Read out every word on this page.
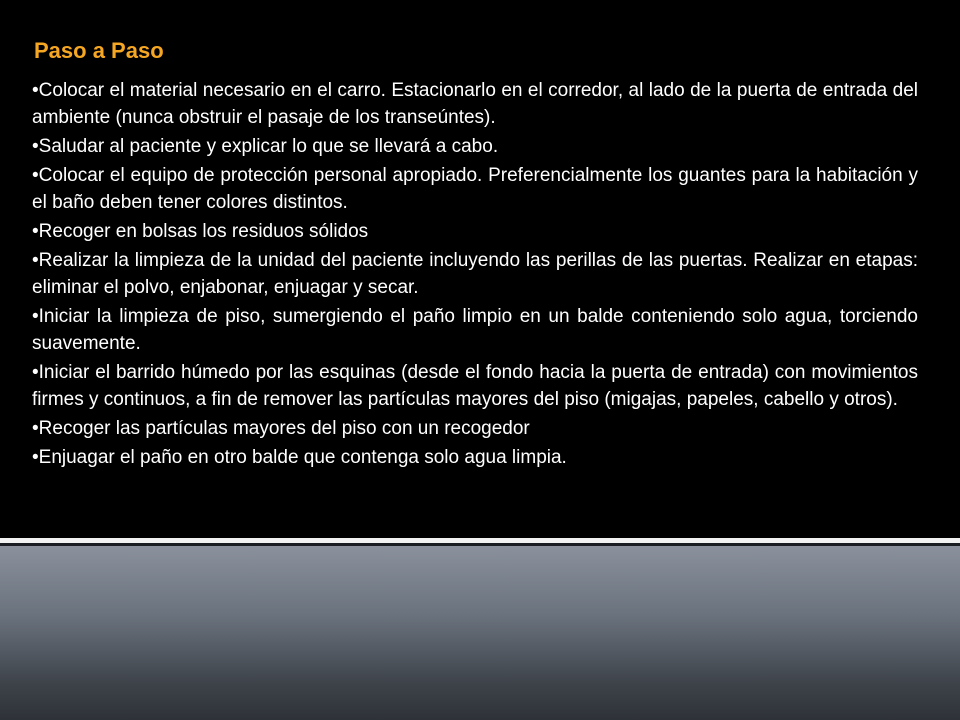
Paso a Paso
•Colocar el material necesario en el carro. Estacionarlo en el corredor, al lado de la puerta de entrada del ambiente (nunca obstruir el pasaje de los transeúntes).
•Saludar al paciente y explicar lo que se llevará a cabo.
•Colocar el equipo de protección personal apropiado. Preferencialmente los guantes para la habitación y el baño deben tener colores distintos.
•Recoger en bolsas los residuos sólidos
•Realizar la limpieza de la unidad del paciente incluyendo las perillas de las puertas. Realizar en etapas: eliminar el polvo, enjabonar, enjuagar y secar.
•Iniciar la limpieza de piso, sumergiendo el paño limpio en un balde conteniendo solo agua, torciendo suavemente.
•Iniciar el barrido húmedo por las esquinas (desde el fondo hacia la puerta de entrada) con movimientos firmes y continuos, a fin de remover las partículas mayores del piso (migajas, papeles, cabello y otros).
•Recoger las partículas mayores del piso con un recogedor
•Enjuagar el paño en otro balde que contenga solo agua limpia.
